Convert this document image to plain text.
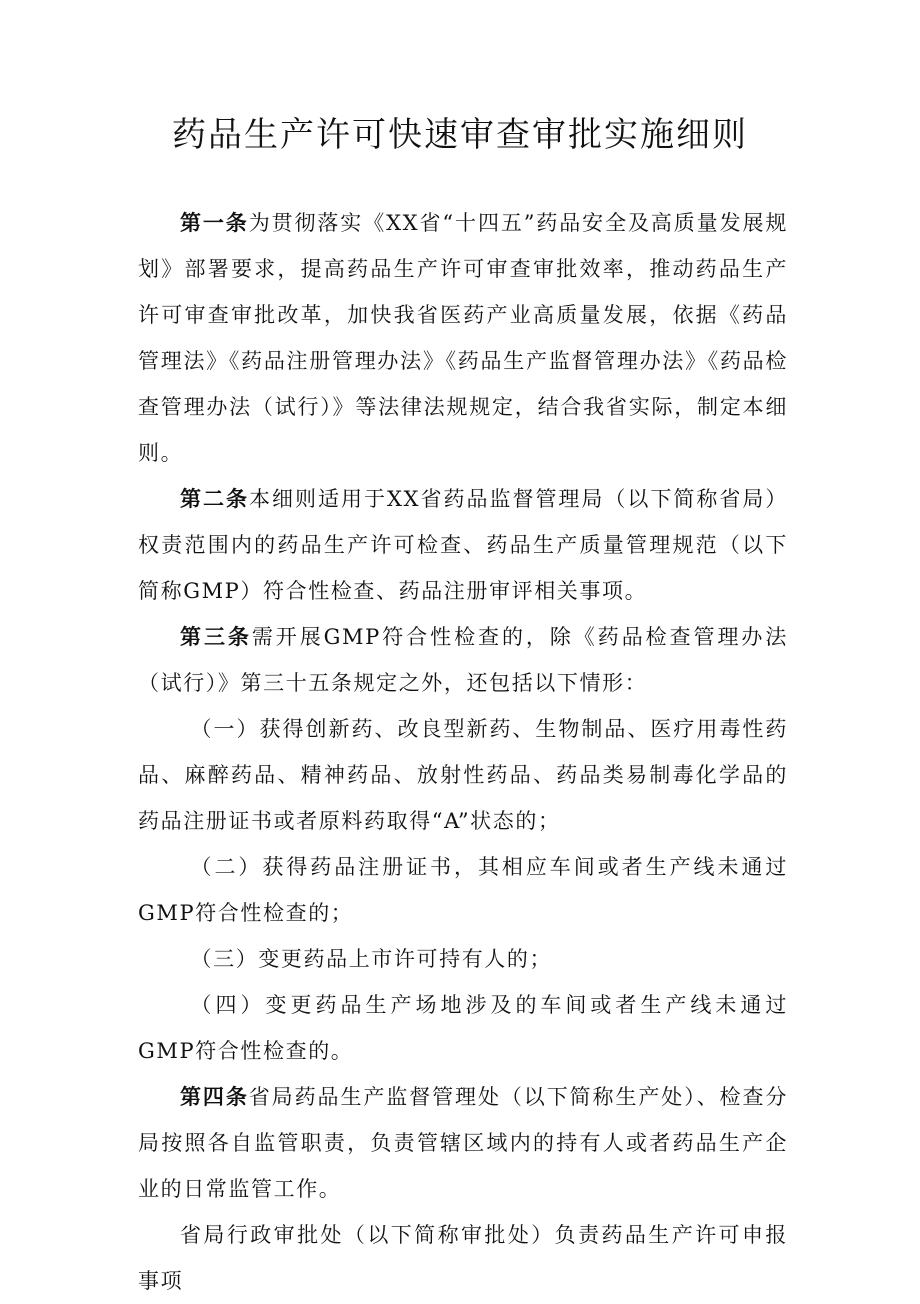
药品生产许可快速审查审批实施细则

第一条为贯彻落实《XX省“十四五”药品安全及高质量发展规划》部署要求，提高药品生产许可审查审批效率，推动药品生产许可审查审批改革，加快我省医药产业高质量发展，依据《药品管理法》《药品注册管理办法》《药品生产监督管理办法》《药品检查管理办法（试行）》等法律法规规定，结合我省实际，制定本细则。

第二条本细则适用于XX省药品监督管理局（以下简称省局）权责范围内的药品生产许可检查、药品生产质量管理规范（以下简称GMP）符合性检查、药品注册审评相关事项。

第三条需开展GMP符合性检查的，除《药品检查管理办法（试行）》第三十五条规定之外，还包括以下情形：

（一）获得创新药、改良型新药、生物制品、医疗用毒性药品、麻醉药品、精神药品、放射性药品、药品类易制毒化学品的药品注册证书或者原料药取得“A”状态的；

（二）获得药品注册证书，其相应车间或者生产线未通过GMP符合性检查的；

（三）变更药品上市许可持有人的；

（四）变更药品生产场地涉及的车间或者生产线未通过GMP符合性检查的。

第四条省局药品生产监督管理处（以下简称生产处）、检查分局按照各自监管职责，负责管辖区域内的持有人或者药品生产企业的日常监管工作。

省局行政审批处（以下简称审批处）负责药品生产许可申报事项
